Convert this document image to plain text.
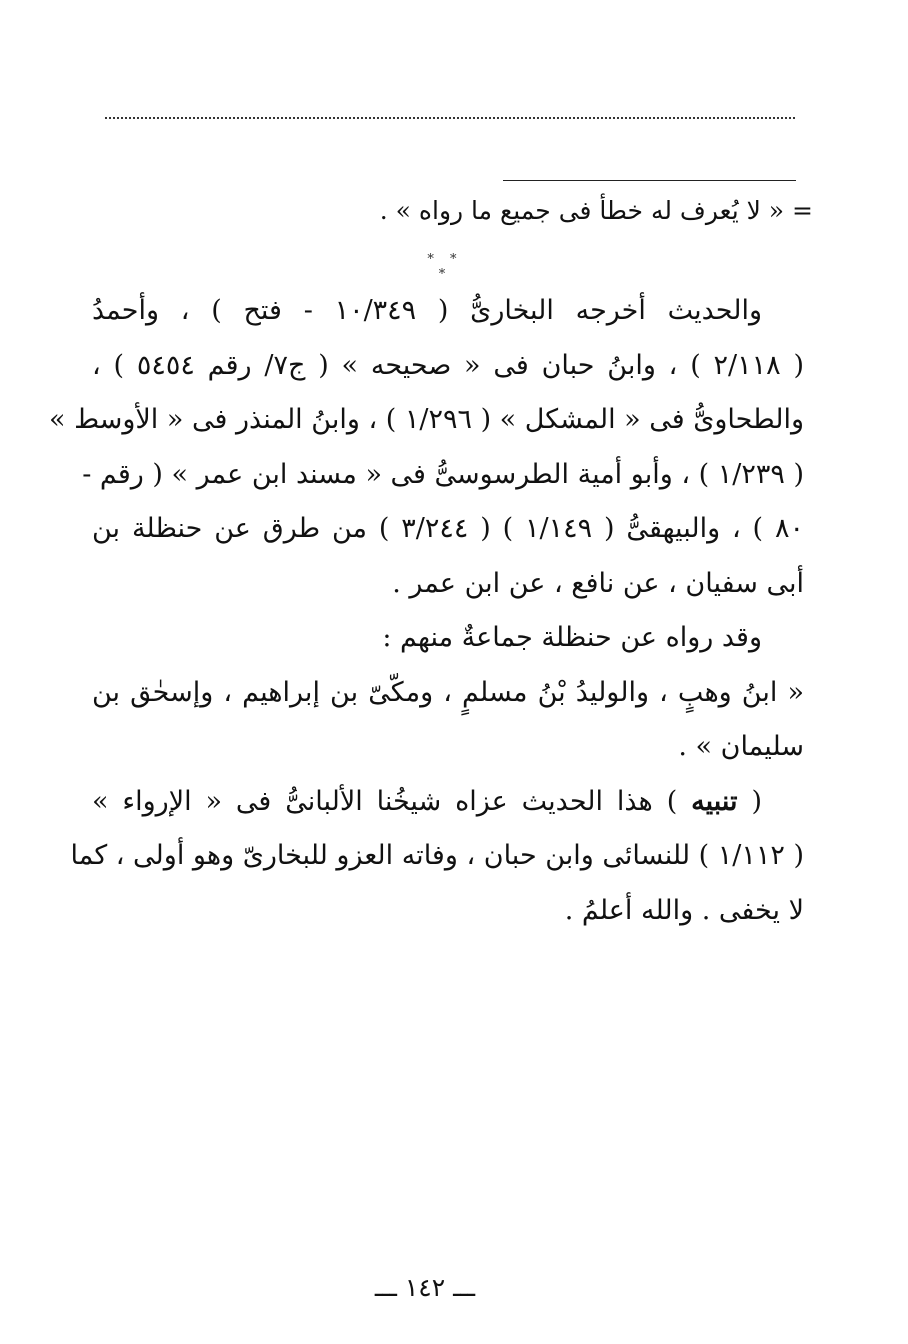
= « لا يُعرف له خطأ فى جميع ما رواه » .
* * *
والحديث أخرجه البخارىُّ ( ١٠/٣٤٩ - فتح ) ، وأحمدُ
( ٢/١١٨ ) ، وابنُ حبان فى « صحيحه » ( ج٧/ رقم ٥٤٥٤ ) ،
والطحاوىُّ فى « المشكل » ( ١/٢٩٦ ) ، وابنُ المنذر فى « الأوسط »
( ١/٢٣٩ ) ، وأبو أمية الطرسوسىُّ فى « مسند ابن عمر » ( رقم -
٨٠ ) ، والبيهقىُّ ( ١/١٤٩ ) ( ٣/٢٤٤ ) من طرق عن حنظلة بن
أبى سفيان ، عن نافع ، عن ابن عمر .
وقد رواه عن حنظلة جماعةٌ منهم :
« ابنُ وهبٍ ، والوليدُ بْنُ مسلمٍ ، ومكّىّ بن إبراهيم ، وإسحٰق بن
سليمان » .
( تنبيه ) هذا الحديث عزاه شيخُنا الألبانىُّ فى « الإرواء »
( ١/١١٢ ) للنسائى وابن حبان ، وفاته العزو للبخارىّ وهو أولى ، كما
لا يخفى . والله أعلمُ .
ـــ ١٤٢ ـــ
